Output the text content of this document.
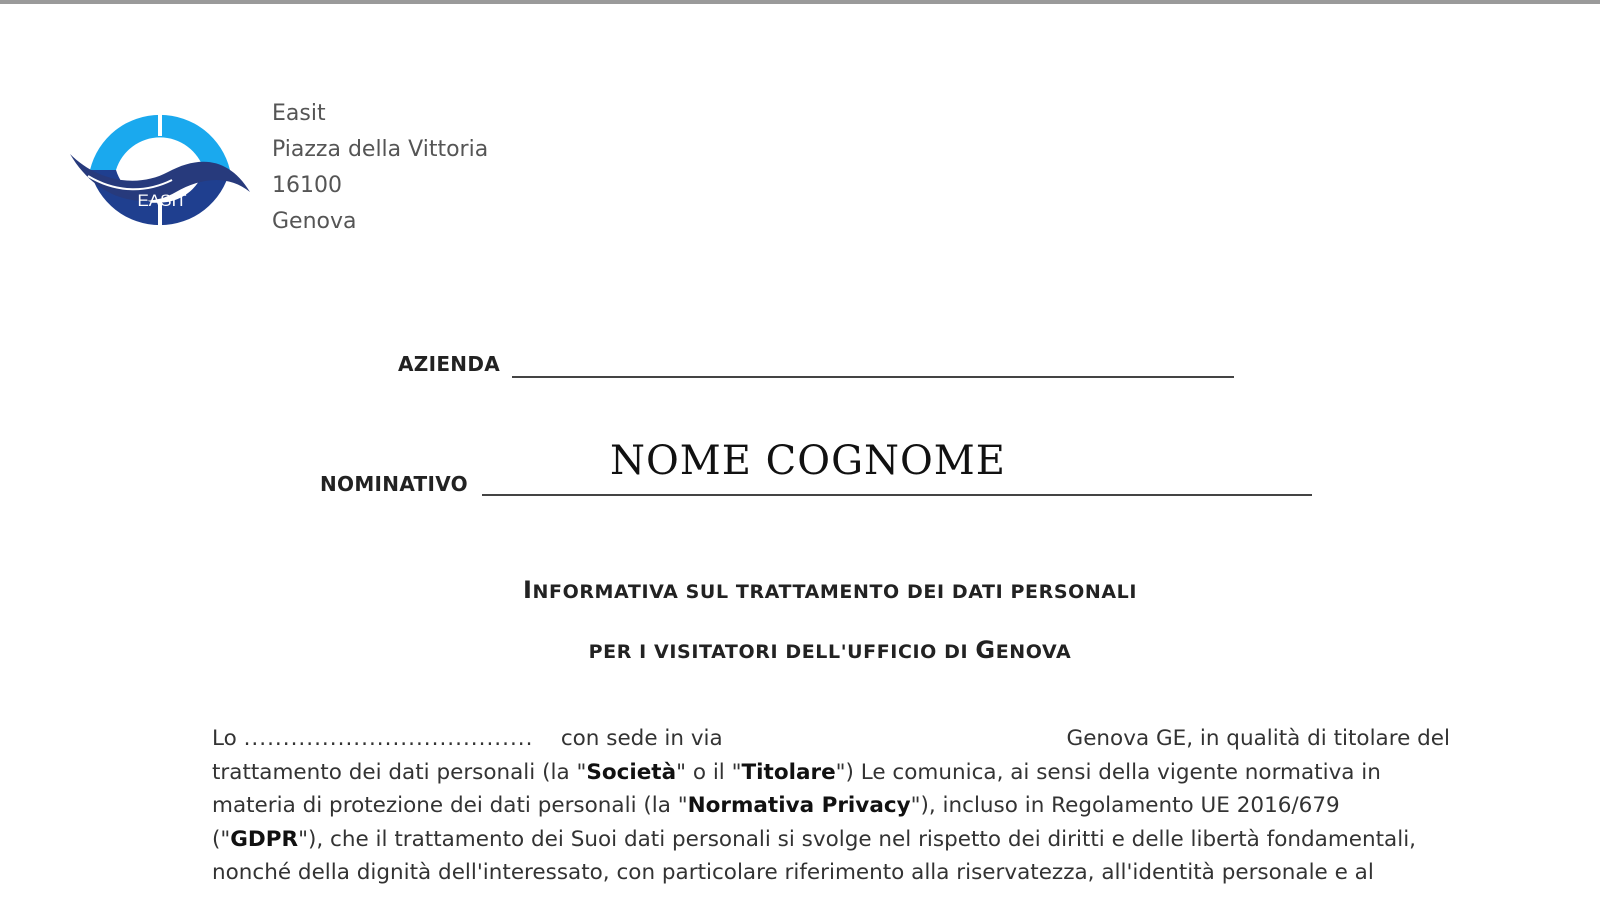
EASIT
Easit
Piazza della Vittoria
16100
Genova
AZIENDA
NOMINATIVO	NOME COGNOME
INFORMATIVA SUL TRATTAMENTO DEI DATI PERSONALI
PER I VISITATORI DELL'UFFICIO DI GENOVA
Lo ..................................... con sede in via	Genova GE, in qualità di titolare del
trattamento dei dati personali (la "Società" o il "Titolare") Le comunica, ai sensi della vigente normativa in
materia di protezione dei dati personali (la "Normativa Privacy"), incluso in Regolamento UE 2016/679
("GDPR"), che il trattamento dei Suoi dati personali si svolge nel rispetto dei diritti e delle libertà fondamentali,
nonché della dignità dell'interessato, con particolare riferimento alla riservatezza, all'identità personale e al
